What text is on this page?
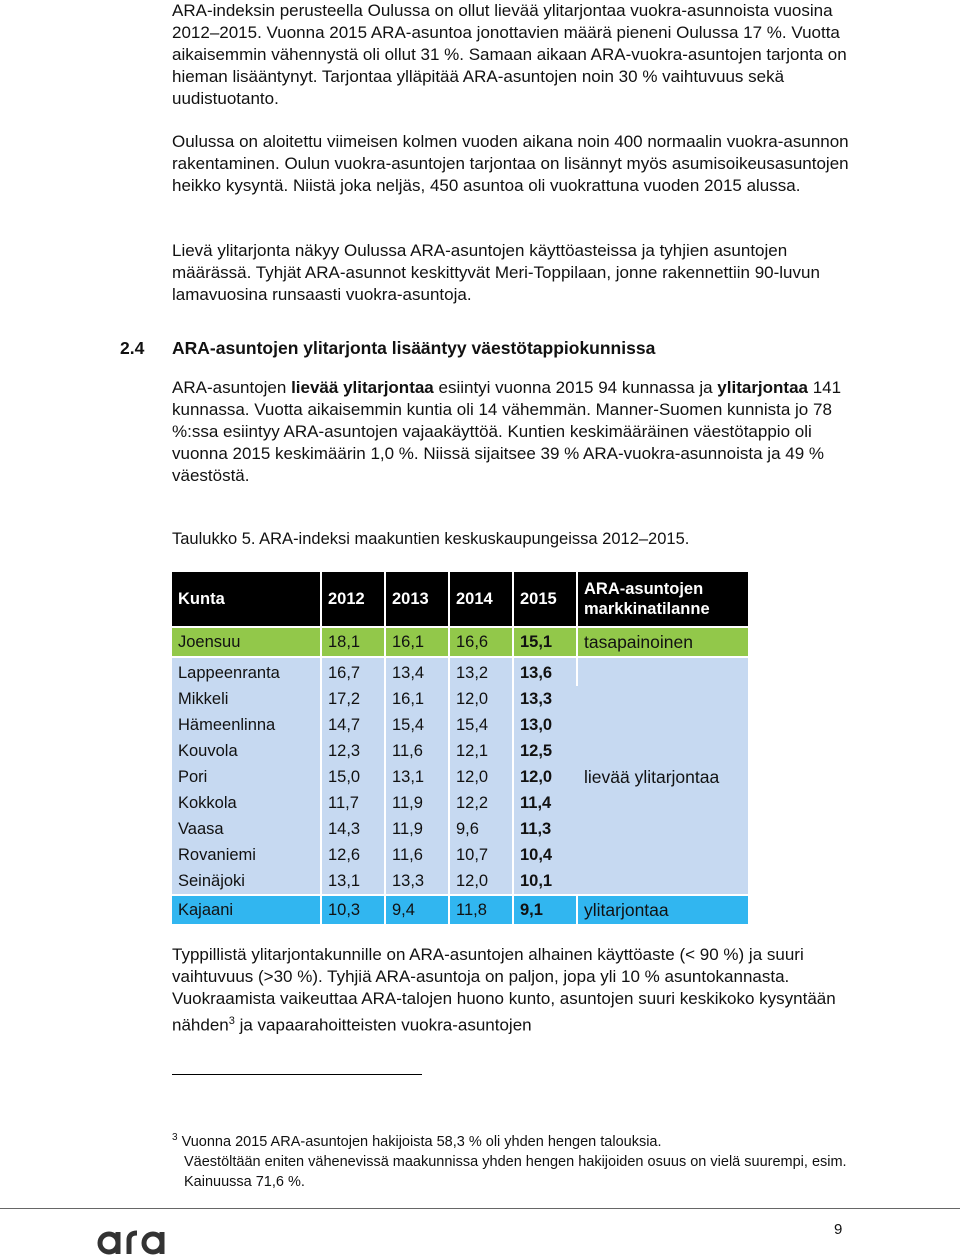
ARA-indeksin perusteella Oulussa on ollut lievää ylitarjontaa vuokra-asunnoista vuosina 2012–2015. Vuonna 2015 ARA-asuntoa jonottavien määrä pieneni Oulussa 17 %. Vuotta aikaisemmin vähennystä oli ollut 31 %. Samaan aikaan ARA-vuokra-asuntojen tarjonta on hieman lisääntynyt. Tarjontaa ylläpitää ARA-asuntojen noin 30 % vaihtuvuus sekä uudistuotanto.

Oulussa on aloitettu viimeisen kolmen vuoden aikana noin 400 normaalin vuokra-asunnon rakentaminen. Oulun vuokra-asuntojen tarjontaa on lisännyt myös asumisoikeusasuntojen heikko kysyntä. Niistä joka neljäs, 450 asuntoa oli vuokrattuna vuoden 2015 alussa.

Lievä ylitarjonta näkyy Oulussa ARA-asuntojen käyttöasteissa ja tyhjien asuntojen määrässä. Tyhjät ARA-asunnot keskittyvät Meri-Toppilaan, jonne rakennettiin 90-luvun lamavuosina runsaasti vuokra-asuntoja.

2.4 ARA-asuntojen ylitarjonta lisääntyy väestötappiokunnissa

ARA-asuntojen lievää ylitarjontaa esiintyi vuonna 2015 94 kunnassa ja ylitarjontaa 141 kunnassa. Vuotta aikaisemmin kuntia oli 14 vähemmän. Manner-Suomen kunnista jo 78 %:ssa esiintyy ARA-asuntojen vajaakäyttöä. Kuntien keskimääräinen väestötappio oli vuonna 2015 keskimäärin 1,0 %. Niissä sijaitsee 39 % ARA-vuokra-asunnoista ja 49 % väestöstä.

Taulukko 5. ARA-indeksi maakuntien keskuskaupungeissa 2012–2015.
Kunta	2012	2013	2014	2015	ARA-asuntojen markkinatilanne
Joensuu	18,1	16,1	16,6	15,1	tasapainoinen
Lappeenranta	16,7	13,4	13,2	13,6	lievää ylitarjontaa
Mikkeli	17,2	16,1	12,0	13,3	
Hämeenlinna	14,7	15,4	15,4	13,0	
Kouvola	12,3	11,6	12,1	12,5	
Pori	15,0	13,1	12,0	12,0	
Kokkola	11,7	11,9	12,2	11,4	
Vaasa	14,3	11,9	9,6	11,3	
Rovaniemi	12,6	11,6	10,7	10,4	
Seinäjoki	13,1	13,3	12,0	10,1	
Kajaani	10,3	9,4	11,8	9,1	ylitarjontaa

Typpillistä ylitarjontakunnille on ARA-asuntojen alhainen käyttöaste (< 90 %) ja suuri vaihtuvuus (>30 %). Tyhjiä ARA-asuntoja on paljon, jopa yli 10 % asuntokannasta. Vuokraamista vaikeuttaa ARA-talojen huono kunto, asuntojen suuri keskikoko kysyntään nähden$^3$ ja vapaarahoitteisten vuokra-asuntojen

$^3$ Vuonna 2015 ARA-asuntojen hakijoista 58,3 % oli yhden hengen talouksia.
Väestöltään eniten vähenevissä maakunnissa yhden hengen hakijoiden osuus on vielä suurempi, esim. Kainuussa 71,6 %.
9
